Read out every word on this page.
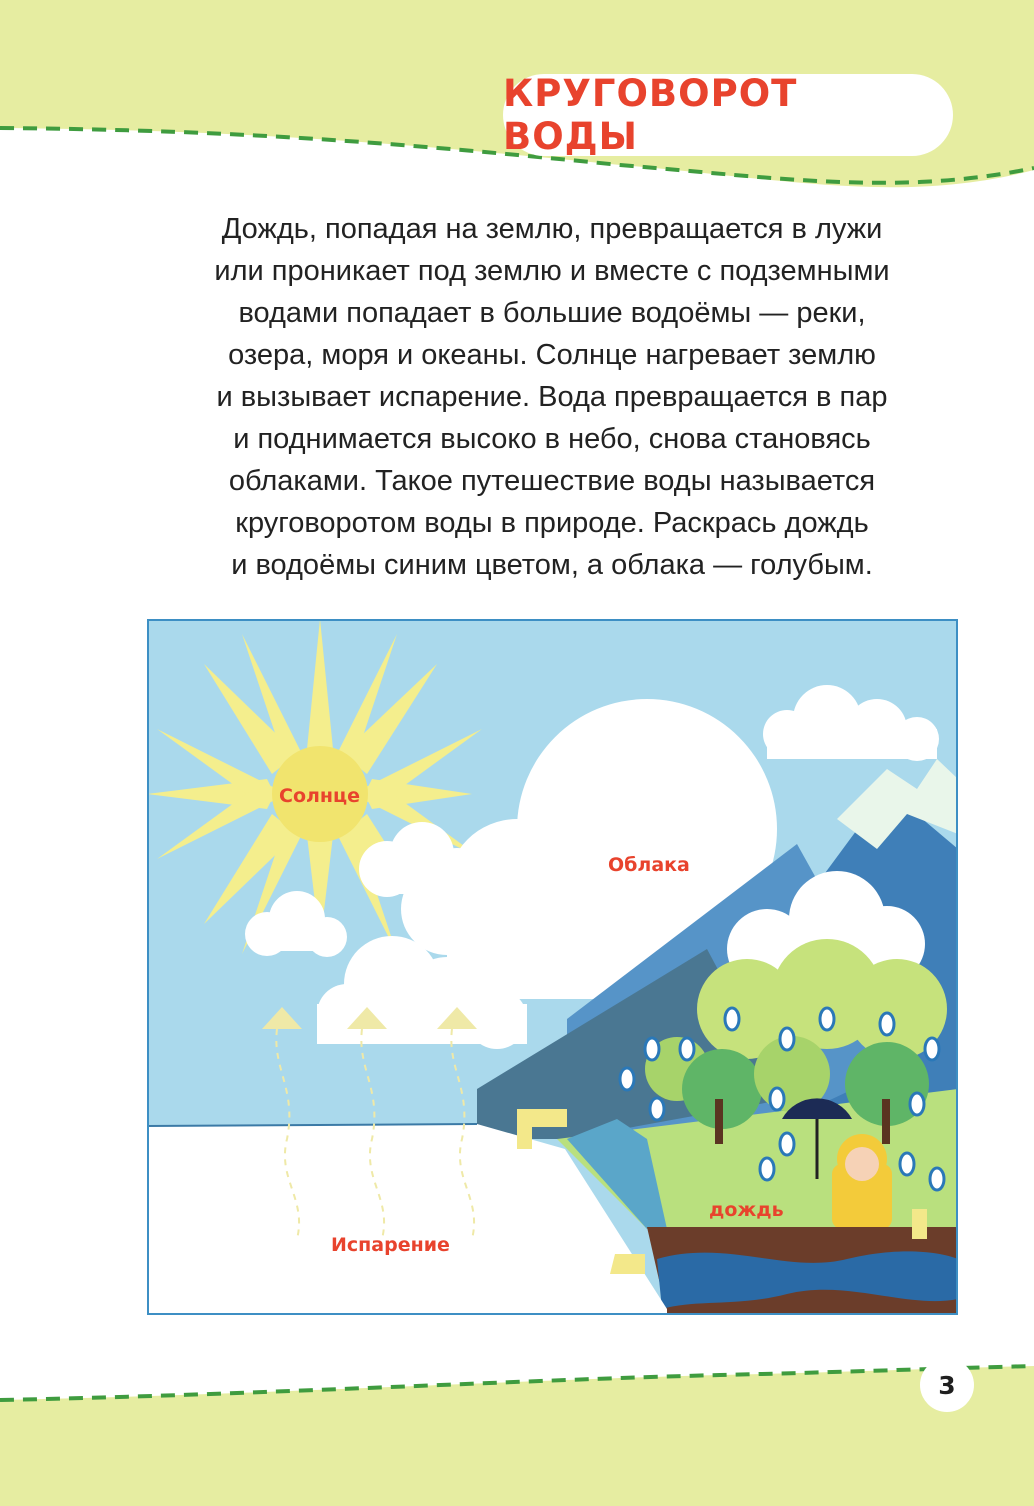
КРУГОВОРОТ ВОДЫ

Дождь, попадая на землю, превращается в лужи
или проникает под землю и вместе с подземными
водами попадает в большие водоёмы — реки,
озера, моря и океаны. Солнце нагревает землю
и вызывает испарение. Вода превращается в пар
и поднимается высоко в небо, снова становясь
облаками. Такое путешествие воды называется
круговоротом воды в природе. Раскрась дождь
и водоёмы синим цветом, а облака — голубым.

Солнце
Облака
Испарение
дождь
3
